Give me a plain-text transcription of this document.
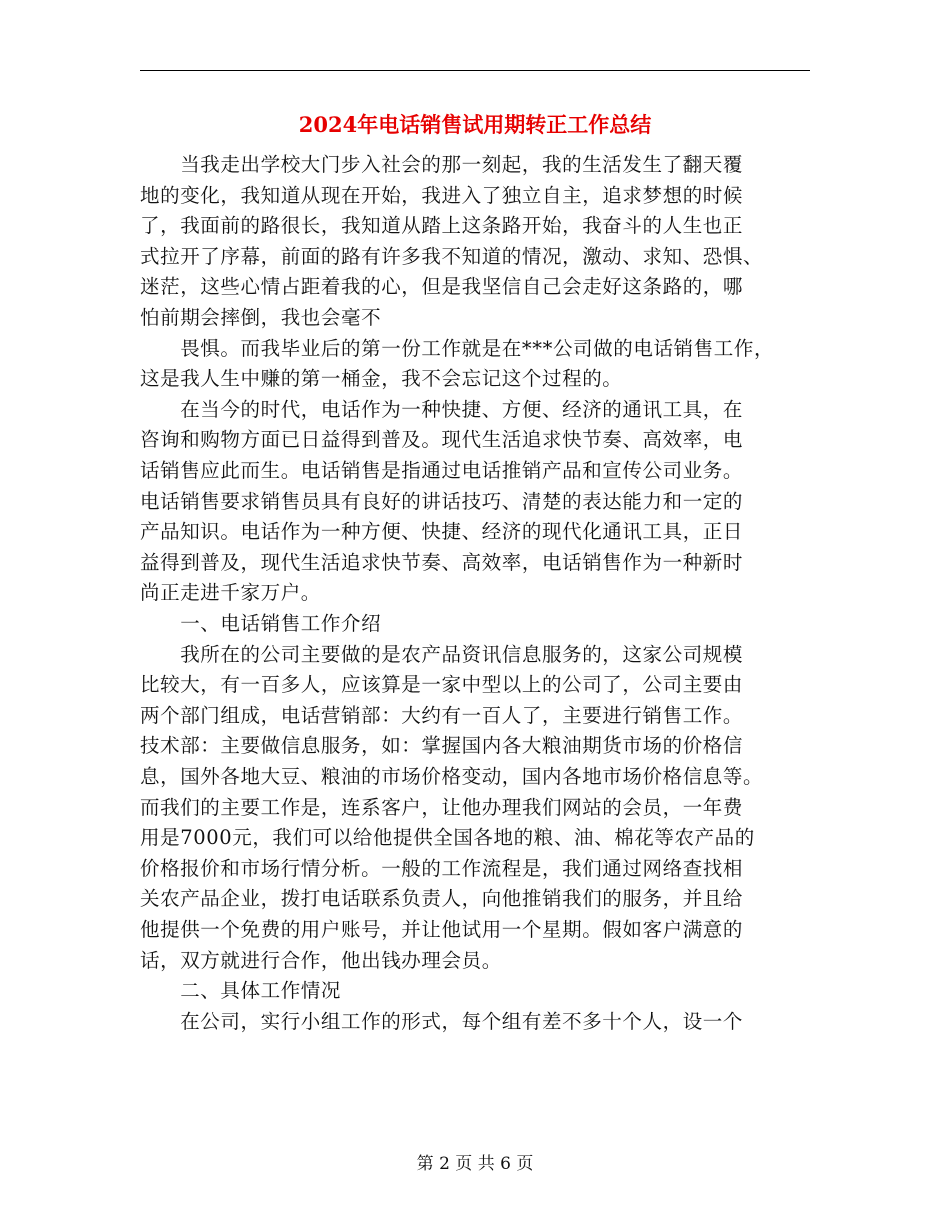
2024年电话销售试用期转正工作总结
　　当我走出学校大门步入社会的那一刻起，我的生活发生了翻天覆
地的变化，我知道从现在开始，我进入了独立自主，追求梦想的时候
了，我面前的路很长，我知道从踏上这条路开始，我奋斗的人生也正
式拉开了序幕，前面的路有许多我不知道的情况，激动、求知、恐惧、
迷茫，这些心情占距着我的心，但是我坚信自己会走好这条路的，哪
怕前期会摔倒，我也会毫不
　　畏惧。而我毕业后的第一份工作就是在***公司做的电话销售工作，
这是我人生中赚的第一桶金，我不会忘记这个过程的。
　　在当今的时代，电话作为一种快捷、方便、经济的通讯工具，在
咨询和购物方面已日益得到普及。现代生活追求快节奏、高效率，电
话销售应此而生。电话销售是指通过电话推销产品和宣传公司业务。
电话销售要求销售员具有良好的讲话技巧、清楚的表达能力和一定的
产品知识。电话作为一种方便、快捷、经济的现代化通讯工具，正日
益得到普及，现代生活追求快节奏、高效率，电话销售作为一种新时
尚正走进千家万户。
　　一、电话销售工作介绍
　　我所在的公司主要做的是农产品资讯信息服务的，这家公司规模
比较大，有一百多人，应该算是一家中型以上的公司了，公司主要由
两个部门组成，电话营销部：大约有一百人了，主要进行销售工作。
技术部：主要做信息服务，如：掌握国内各大粮油期货市场的价格信
息，国外各地大豆、粮油的市场价格变动，国内各地市场价格信息等。
而我们的主要工作是，连系客户，让他办理我们网站的会员，一年费
用是7000元，我们可以给他提供全国各地的粮、油、棉花等农产品的
价格报价和市场行情分析。一般的工作流程是，我们通过网络查找相
关农产品企业，拨打电话联系负责人，向他推销我们的服务，并且给
他提供一个免费的用户账号，并让他试用一个星期。假如客户满意的
话，双方就进行合作，他出钱办理会员。
　　二、具体工作情况
　　在公司，实行小组工作的形式，每个组有差不多十个人，设一个
第 2 页 共 6 页
